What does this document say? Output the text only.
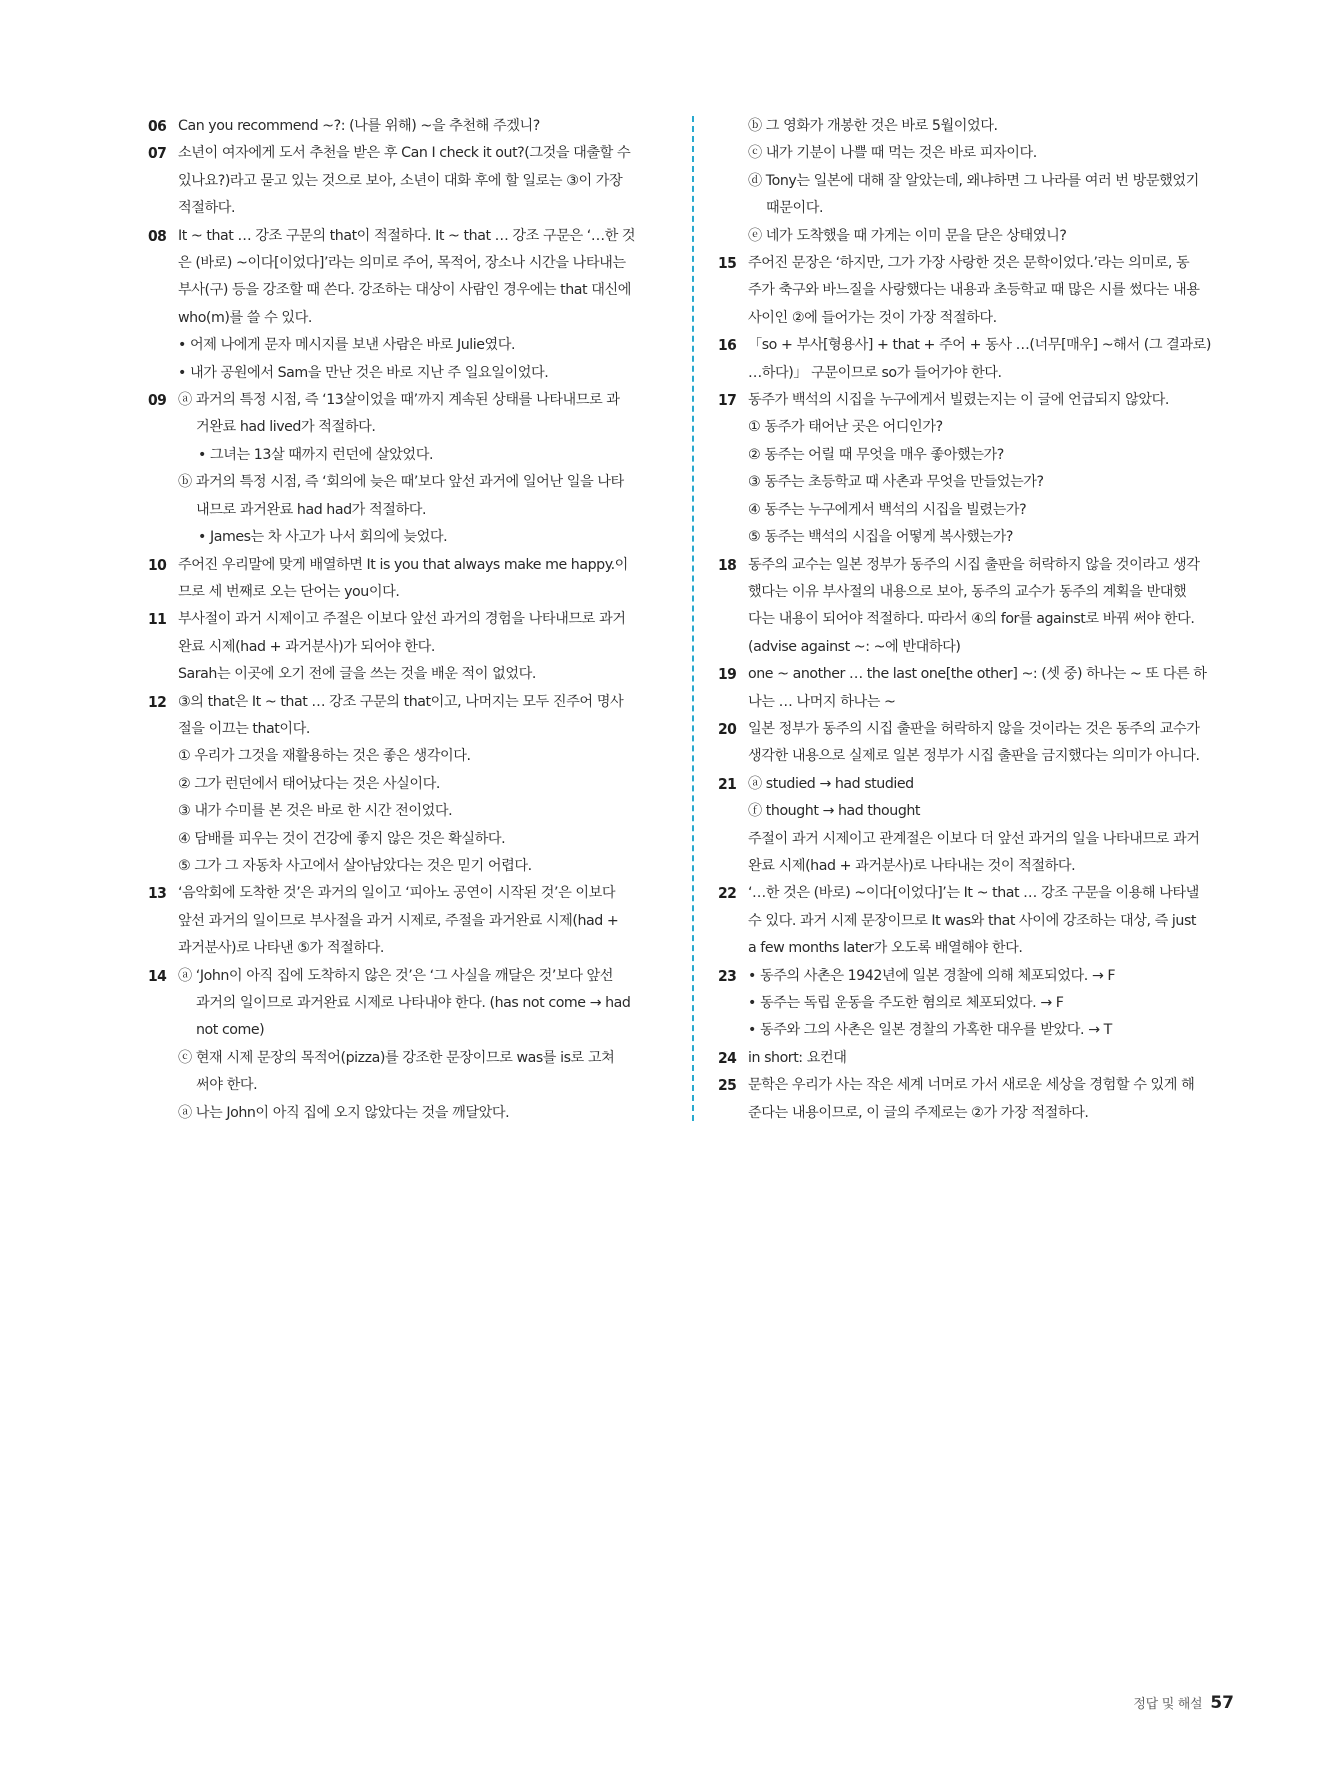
06 Can you recommend ~?: (나를 위해) ~을 추천해 주겠니?
07 소년이 여자에게 도서 추천을 받은 후 Can I check it out?(그것을 대출할 수
있나요?)라고 묻고 있는 것으로 보아, 소년이 대화 후에 할 일로는 ③이 가장
적절하다.
08 It ~ that … 강조 구문의 that이 적절하다. It ~ that … 강조 구문은 ‘…한 것
은 (바로) ~이다[이었다]’라는 의미로 주어, 목적어, 장소나 시간을 나타내는
부사(구) 등을 강조할 때 쓴다. 강조하는 대상이 사람인 경우에는 that 대신에
who(m)를 쓸 수 있다.
• 어제 나에게 문자 메시지를 보낸 사람은 바로 Julie였다.
• 내가 공원에서 Sam을 만난 것은 바로 지난 주 일요일이었다.
09 ⓐ 과거의 특정 시점, 즉 ‘13살이었을 때’까지 계속된 상태를 나타내므로 과
거완료 had lived가 적절하다.
• 그녀는 13살 때까지 런던에 살았었다.
ⓑ 과거의 특정 시점, 즉 ‘회의에 늦은 때’보다 앞선 과거에 일어난 일을 나타
내므로 과거완료 had had가 적절하다.
• James는 차 사고가 나서 회의에 늦었다.
10 주어진 우리말에 맞게 배열하면 It is you that always make me happy.이
므로 세 번째로 오는 단어는 you이다.
11 부사절이 과거 시제이고 주절은 이보다 앞선 과거의 경험을 나타내므로 과거
완료 시제(had + 과거분사)가 되어야 한다.
Sarah는 이곳에 오기 전에 글을 쓰는 것을 배운 적이 없었다.
12 ③의 that은 It ~ that … 강조 구문의 that이고, 나머지는 모두 진주어 명사
절을 이끄는 that이다.
① 우리가 그것을 재활용하는 것은 좋은 생각이다.
② 그가 런던에서 태어났다는 것은 사실이다.
③ 내가 수미를 본 것은 바로 한 시간 전이었다.
④ 담배를 피우는 것이 건강에 좋지 않은 것은 확실하다.
⑤ 그가 그 자동차 사고에서 살아남았다는 것은 믿기 어렵다.
13 ‘음악회에 도착한 것’은 과거의 일이고 ‘피아노 공연이 시작된 것’은 이보다
앞선 과거의 일이므로 부사절을 과거 시제로, 주절을 과거완료 시제(had +
과거분사)로 나타낸 ⑤가 적절하다.
14 ⓐ ‘John이 아직 집에 도착하지 않은 것’은 ‘그 사실을 깨달은 것’보다 앞선
과거의 일이므로 과거완료 시제로 나타내야 한다. (has not come → had
not come)
ⓒ 현재 시제 문장의 목적어(pizza)를 강조한 문장이므로 was를 is로 고쳐
써야 한다.
ⓐ 나는 John이 아직 집에 오지 않았다는 것을 깨달았다.
ⓑ 그 영화가 개봉한 것은 바로 5월이었다.
ⓒ 내가 기분이 나쁠 때 먹는 것은 바로 피자이다.
ⓓ Tony는 일본에 대해 잘 알았는데, 왜냐하면 그 나라를 여러 번 방문했었기
때문이다.
ⓔ 네가 도착했을 때 가게는 이미 문을 닫은 상태였니?
15 주어진 문장은 ‘하지만, 그가 가장 사랑한 것은 문학이었다.’라는 의미로, 동
주가 축구와 바느질을 사랑했다는 내용과 초등학교 때 많은 시를 썼다는 내용
사이인 ②에 들어가는 것이 가장 적절하다.
16 「so + 부사[형용사] + that + 주어 + 동사 …(너무[매우] ~해서 (그 결과로)
…하다)」 구문이므로 so가 들어가야 한다.
17 동주가 백석의 시집을 누구에게서 빌렸는지는 이 글에 언급되지 않았다.
① 동주가 태어난 곳은 어디인가?
② 동주는 어릴 때 무엇을 매우 좋아했는가?
③ 동주는 초등학교 때 사촌과 무엇을 만들었는가?
④ 동주는 누구에게서 백석의 시집을 빌렸는가?
⑤ 동주는 백석의 시집을 어떻게 복사했는가?
18 동주의 교수는 일본 정부가 동주의 시집 출판을 허락하지 않을 것이라고 생각
했다는 이유 부사절의 내용으로 보아, 동주의 교수가 동주의 계획을 반대했
다는 내용이 되어야 적절하다. 따라서 ④의 for를 against로 바꿔 써야 한다.
(advise against ~: ~에 반대하다)
19 one ~ another … the last one[the other] ~: (셋 중) 하나는 ~ 또 다른 하
나는 … 나머지 하나는 ~
20 일본 정부가 동주의 시집 출판을 허락하지 않을 것이라는 것은 동주의 교수가
생각한 내용으로 실제로 일본 정부가 시집 출판을 금지했다는 의미가 아니다.
21 ⓐ studied → had studied
ⓕ thought → had thought
주절이 과거 시제이고 관계절은 이보다 더 앞선 과거의 일을 나타내므로 과거
완료 시제(had + 과거분사)로 나타내는 것이 적절하다.
22 ‘…한 것은 (바로) ~이다[이었다]’는 It ~ that … 강조 구문을 이용해 나타낼
수 있다. 과거 시제 문장이므로 It was와 that 사이에 강조하는 대상, 즉 just
a few months later가 오도록 배열해야 한다.
23 • 동주의 사촌은 1942년에 일본 경찰에 의해 체포되었다. → F
• 동주는 독립 운동을 주도한 혐의로 체포되었다. → F
• 동주와 그의 사촌은 일본 경찰의 가혹한 대우를 받았다. → T
24 in short: 요컨대
25 문학은 우리가 사는 작은 세계 너머로 가서 새로운 세상을 경험할 수 있게 해
준다는 내용이므로, 이 글의 주제로는 ②가 가장 적절하다.
정답 및 해설 57
